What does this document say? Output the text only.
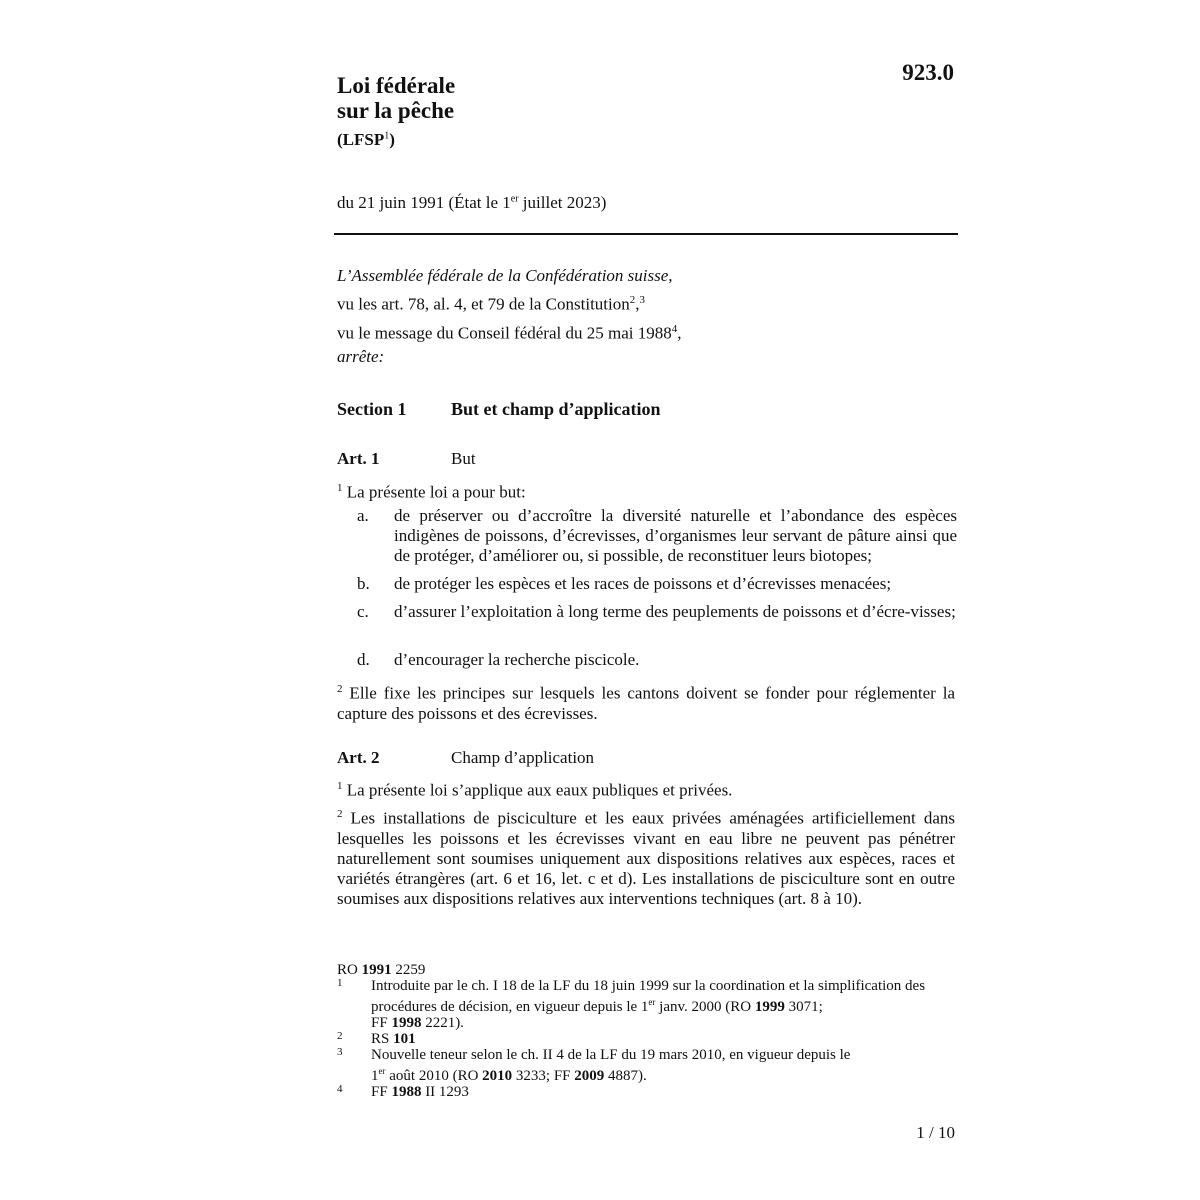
Loi fédérale
sur la pêche
(LFSP$^1$)
923.0
du 21 juin 1991 (État le 1er juillet 2023)
L’Assemblée fédérale de la Confédération suisse,
vu les art. 78, al. 4, et 79 de la Constitution$^2$,$^3$
vu le message du Conseil fédéral du 25 mai 1988$^4$,
arrête:
Section 1 But et champ d’application
Art. 1	But
$^1$ La présente loi a pour but:
a. de préserver ou d’accroître la diversité naturelle et l’abondance des espèces indigènes de poissons, d’écrevisses, d’organismes leur servant de pâture ainsi que de protéger, d’améliorer ou, si possible, de reconstituer leurs biotopes;
b. de protéger les espèces et les races de poissons et d’écrevisses menacées;
c. d’assurer l’exploitation à long terme des peuplements de poissons et d’écre-visses;
d. d’encourager la recherche piscicole.
$^2$ Elle fixe les principes sur lesquels les cantons doivent se fonder pour réglementer la capture des poissons et des écrevisses.
Art. 2	Champ d’application
$^1$ La présente loi s’applique aux eaux publiques et privées.
$^2$ Les installations de pisciculture et les eaux privées aménagées artificiellement dans lesquelles les poissons et les écrevisses vivant en eau libre ne peuvent pas pénétrer naturellement sont soumises uniquement aux dispositions relatives aux espèces, races et variétés étrangères (art. 6 et 16, let. c et d). Les installations de pisciculture sont en outre soumises aux dispositions relatives aux interventions techniques (art. 8 à 10).
RO 1991 2259
1 Introduite par le ch. I 18 de la LF du 18 juin 1999 sur la coordination et la simplification des procédures de décision, en vigueur depuis le 1er janv. 2000 (RO 1999 3071;
FF 1998 2221).
2 RS 101
3 Nouvelle teneur selon le ch. II 4 de la LF du 19 mars 2010, en vigueur depuis le
1er août 2010 (RO 2010 3233; FF 2009 4887).
4 FF 1988 II 1293
1 / 10
